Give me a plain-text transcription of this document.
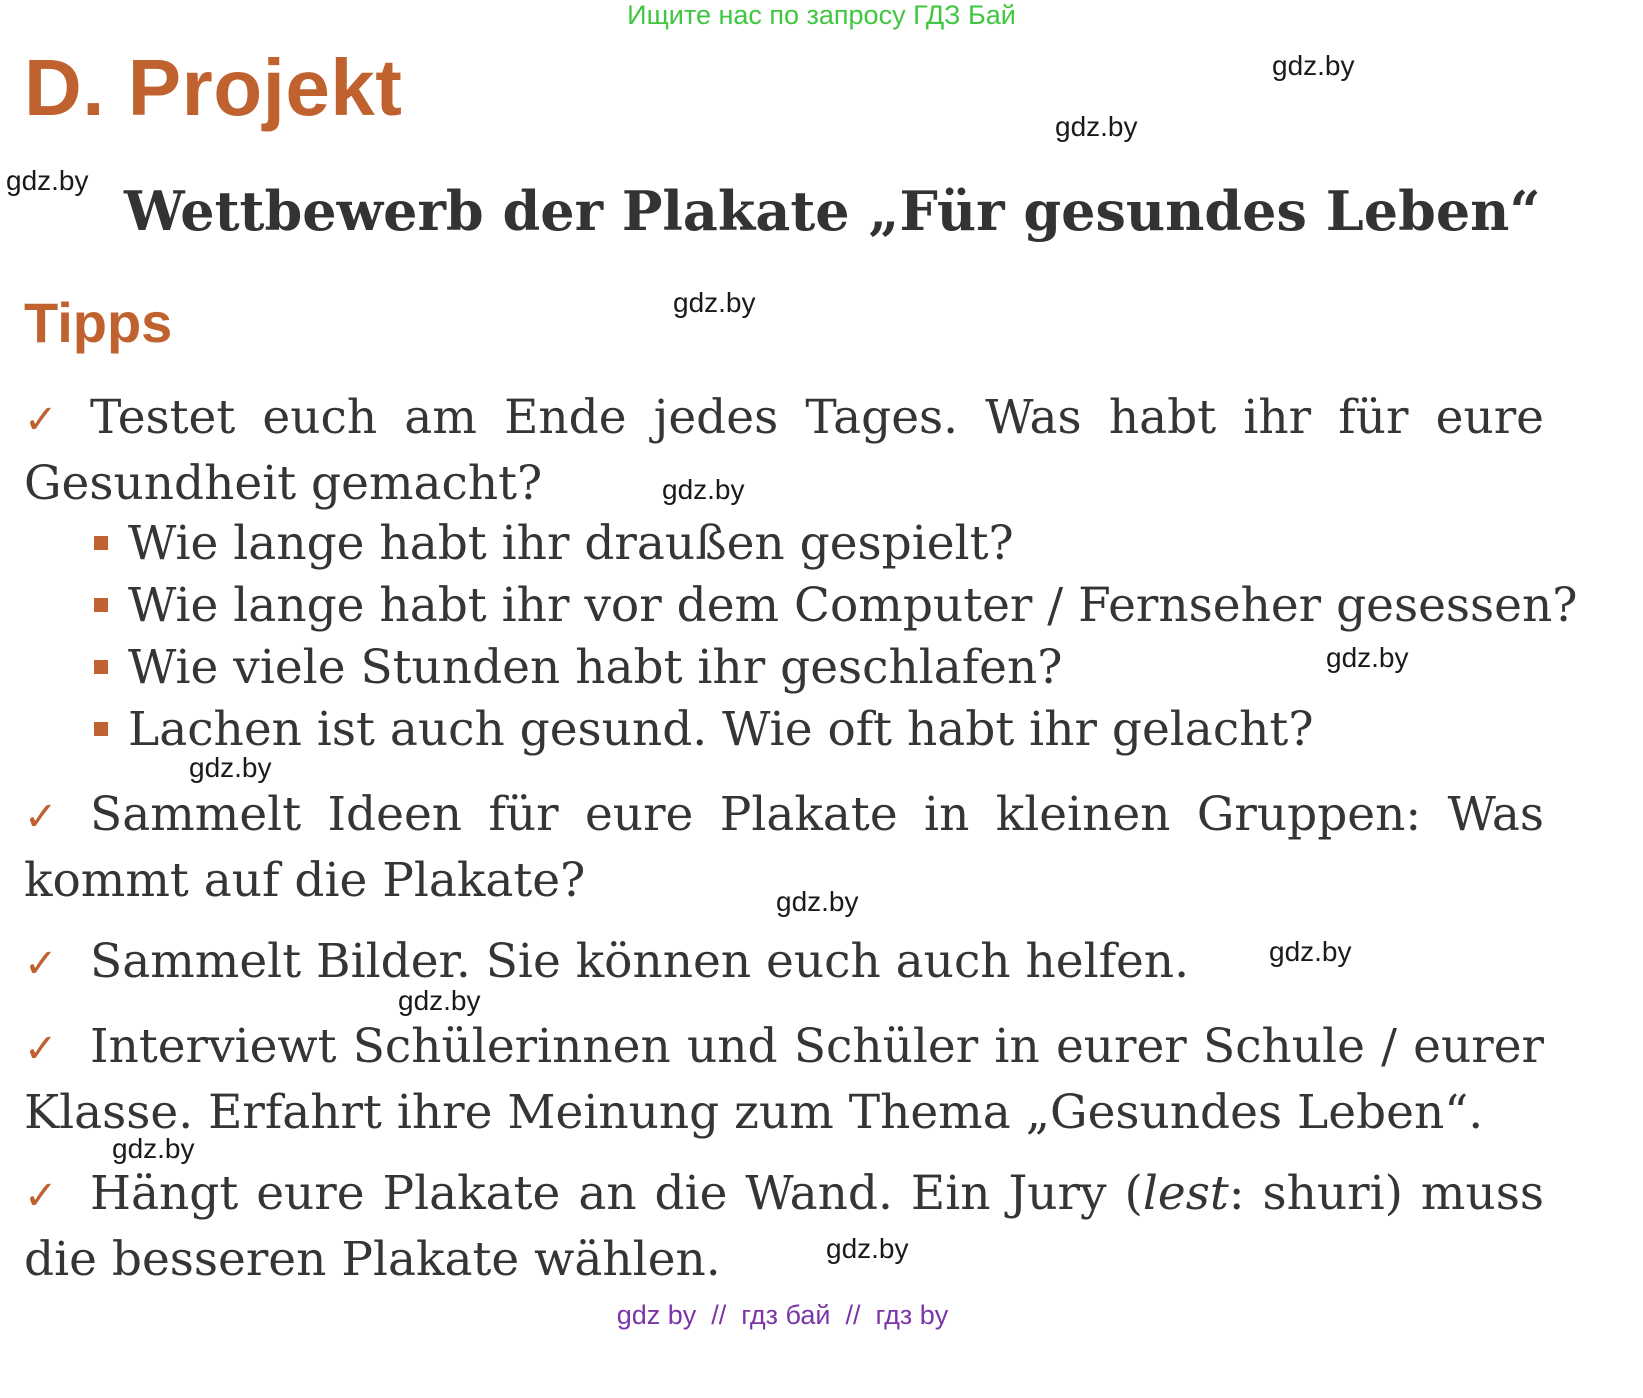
Ищите нас по запросу ГДЗ Бай
D. Projekt
Wettbewerb der Plakate „Für gesundes Leben“
Tipps
✓ Testet euch am Ende jedes Tages. Was habt ihr für eure Gesundheit gemacht?
Wie lange habt ihr draußen gespielt?
Wie lange habt ihr vor dem Computer / Fernseher gesessen?
Wie viele Stunden habt ihr geschlafen?
Lachen ist auch gesund. Wie oft habt ihr gelacht?
✓ Sammelt Ideen für eure Plakate in kleinen Gruppen: Was kommt auf die Plakate?
✓ Sammelt Bilder. Sie können euch auch helfen.
✓ Interviewt Schülerinnen und Schüler in eurer Schule / eurer Klasse. Erfahrt ihre Meinung zum Thema „Gesundes Leben“.
✓ Hängt eure Plakate an die Wand. Ein Jury (lest: shuri) muss die besseren Plakate wählen.
gdz.by
gdz.by
gdz.by
gdz.by
gdz.by
gdz.by
gdz.by
gdz.by
gdz.by
gdz.by
gdz.by
gdz.by
gdz by  //  гдз бай  //  гдз by
